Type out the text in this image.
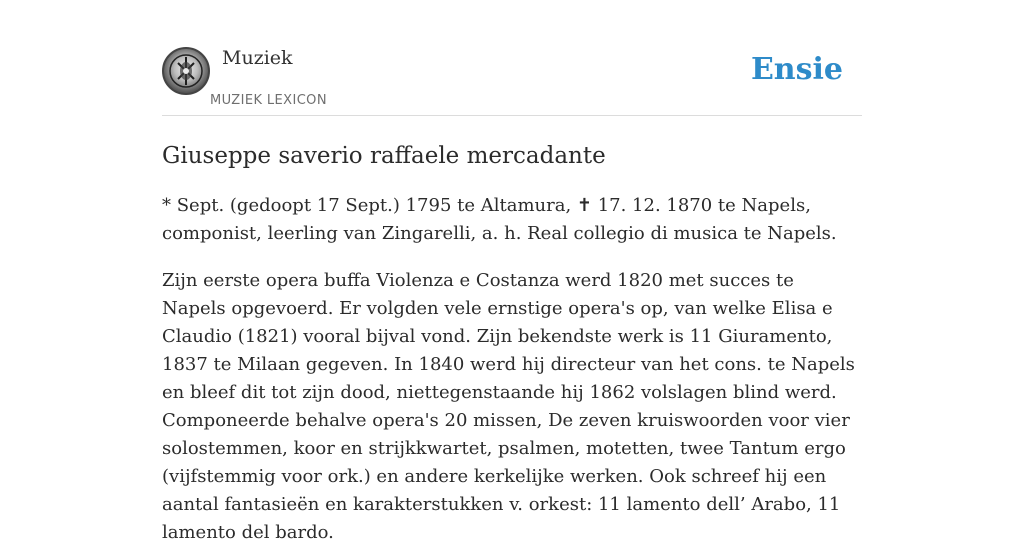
Muziek
MUZIEK LEXICON
Ensie
Giuseppe saverio raffaele mercadante

* Sept. (gedoopt 17 Sept.) 1795 te Altamura, ✝ 17. 12. 1870 te Napels, componist, leerling van Zingarelli, a. h. Real collegio di musica te Napels.

Zijn eerste opera buffa Violenza e Costanza werd 1820 met succes te Napels opgevoerd. Er volgden vele ernstige opera's op, van welke Elisa e Claudio (1821) vooral bijval vond. Zijn bekendste werk is 11 Giuramento, 1837 te Milaan gegeven. In 1840 werd hij directeur van het cons. te Napels en bleef dit tot zijn dood, niettegenstaande hij 1862 volslagen blind werd. Componeerde behalve opera's 20 missen, De zeven kruiswoorden voor vier solostemmen, koor en strijkkwartet, psalmen, motetten, twee Tantum ergo (vijfstemmig voor ork.) en andere kerkelijke werken. Ook schreef hij een aantal fantasieën en karakterstukken v. orkest: 11 lamento dell’ Arabo, 11 lamento del bardo.
